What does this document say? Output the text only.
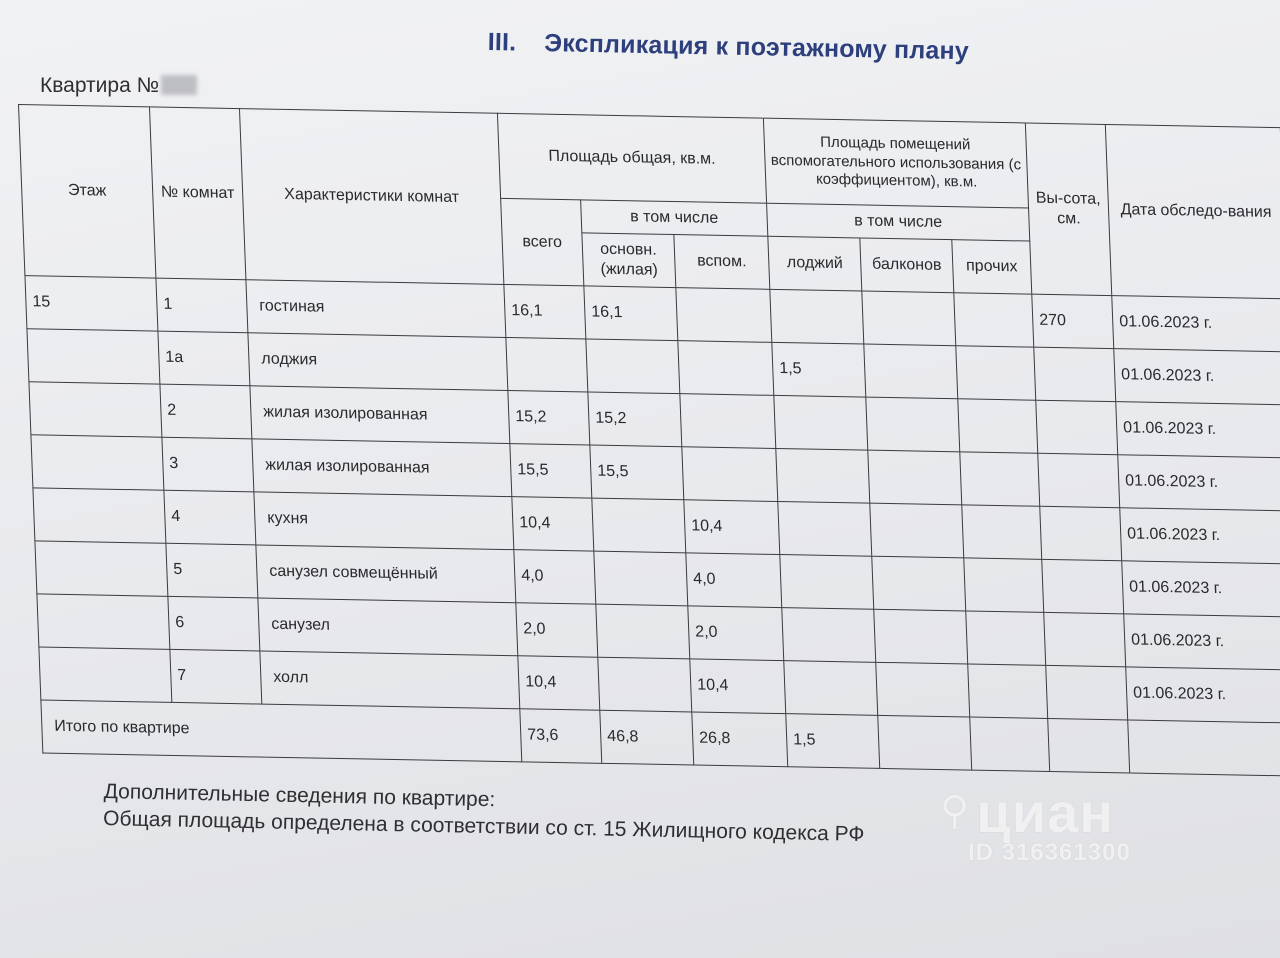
III. Экспликация к поэтажному плану
Квартира №
Этаж	№ комнат	Характеристики комнат	Площадь общая, кв.м.			Площадь помещений вспомогательного использования (с коэффициентом), кв.м.			Вы-сота, см.	Дата обследо-вания
			всего	в том числе		в том числе				
				основн. (жилая)	вспом.	лоджий	балконов	прочих		
15	1	гостиная	16,1	16,1					270	01.06.2023 г.
	1а	лоджия				1,5				01.06.2023 г.
	2	жилая изолированная	15,2	15,2						01.06.2023 г.
	3	жилая изолированная	15,5	15,5						01.06.2023 г.
	4	кухня	10,4		10,4					01.06.2023 г.
	5	санузел совмещённый	4,0		4,0					01.06.2023 г.
	6	санузел	2,0		2,0					01.06.2023 г.
	7	холл	10,4		10,4					01.06.2023 г.
Итого по квартире			73,6	46,8	26,8	1,5				
Дополнительные сведения по квартире:
Общая площадь определена в соответствии со ст. 15 Жилищного кодекса РФ ⚲ циан
ID 316361300
